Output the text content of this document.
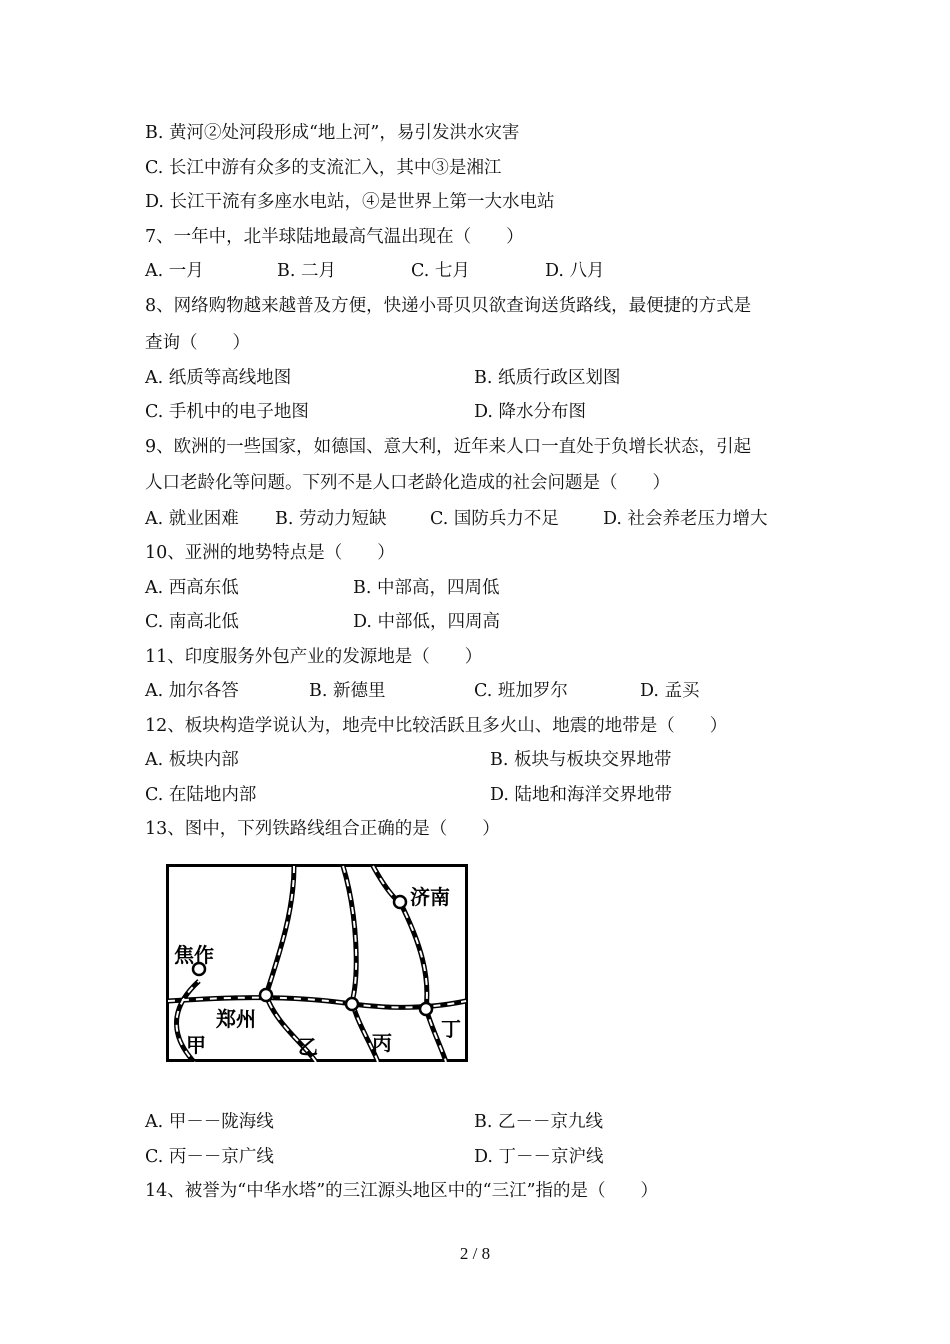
B. 黄河②处河段形成“地上河”，易引发洪水灾害
C. 长江中游有众多的支流汇入，其中③是湘江
D. 长江干流有多座水电站，④是世界上第一大水电站
7、一年中，北半球陆地最高气温出现在（　　）
A. 一月	B. 二月	C. 七月	D. 八月
8、网络购物越来越普及方便，快递小哥贝贝欲查询送货路线，最便捷的方式是
查询（　　）
A. 纸质等高线地图	B. 纸质行政区划图
C. 手机中的电子地图	D. 降水分布图
9、欧洲的一些国家，如德国、意大利，近年来人口一直处于负增长状态，引起
人口老龄化等问题。下列不是人口老龄化造成的社会问题是（　　）
A. 就业困难 B. 劳动力短缺 C. 国防兵力不足	D. 社会养老压力增大
10、亚洲的地势特点是（　　）
A. 西高东低	B. 中部高，四周低
C. 南高北低	D. 中部低，四周高
11、印度服务外包产业的发源地是（　　）
A. 加尔各答	B. 新德里	C. 班加罗尔	D. 孟买
12、板块构造学说认为，地壳中比较活跃且多火山、地震的地带是（　　）
A. 板块内部	B. 板块与板块交界地带
C. 在陆地内部	D. 陆地和海洋交界地带
13、图中，下列铁路线组合正确的是（　　）
济南
焦作
郑州
甲	乙	丙
丁
A. 甲－－陇海线	B. 乙－－京九线
C. 丙－－京广线	D. 丁－－京沪线
14、被誉为“中华水塔”的三江源头地区中的“三江”指的是（　　）
2 / 8
